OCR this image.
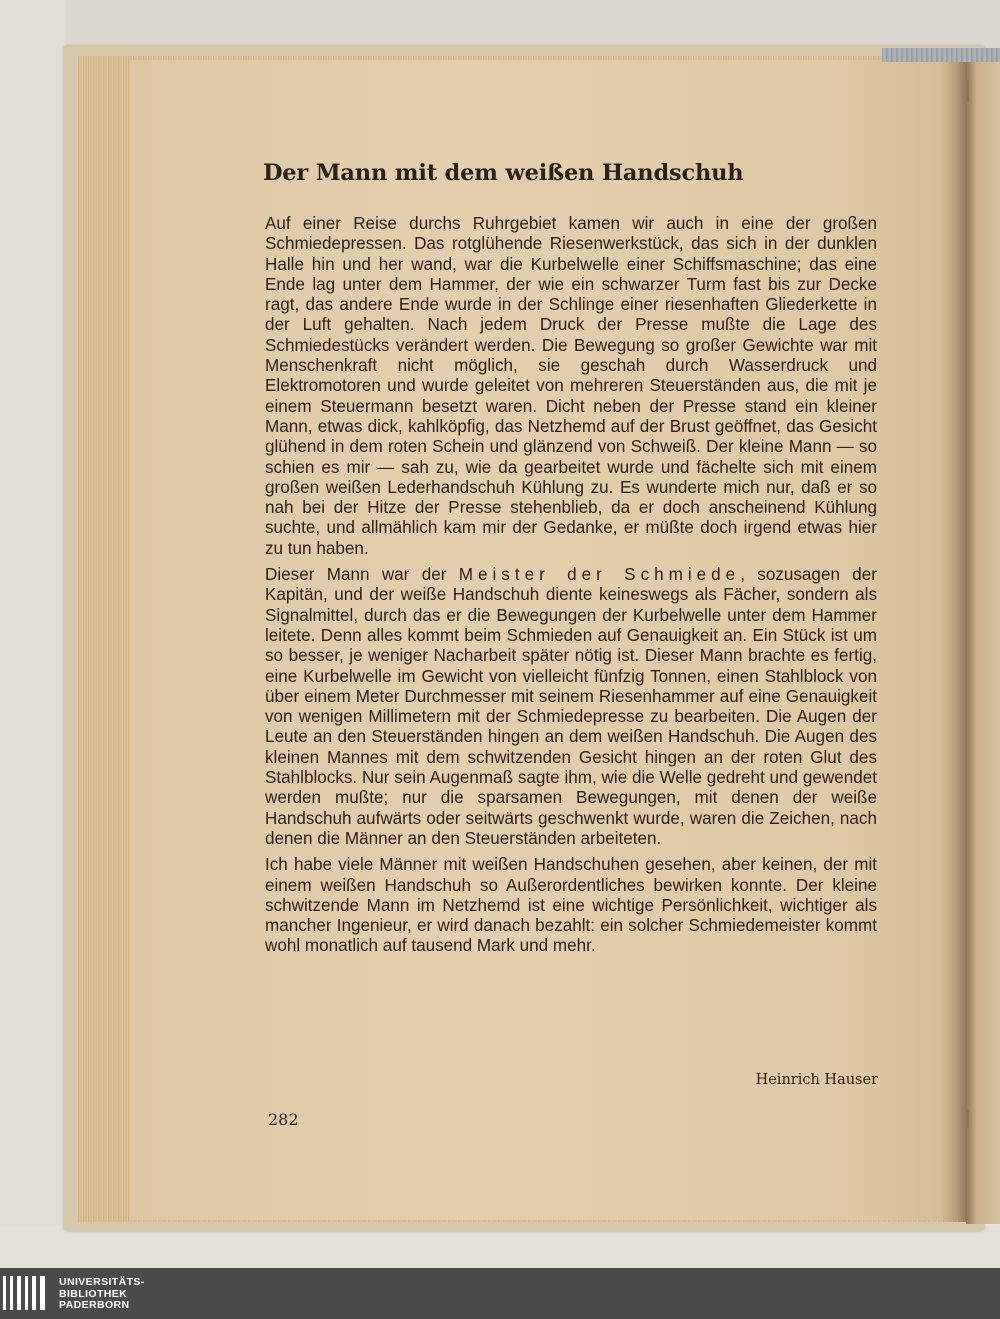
Der Mann mit dem weißen Handschuh

Auf einer Reise durchs Ruhrgebiet kamen wir auch in eine der großen Schmiedepressen. Das rotglühende Riesenwerkstück, das sich in der dunklen Halle hin und her wand, war die Kurbelwelle einer Schiffsmaschine; das eine Ende lag unter dem Hammer, der wie ein schwarzer Turm fast bis zur Decke ragt, das andere Ende wurde in der Schlinge einer riesenhaften Gliederkette in der Luft gehalten. Nach jedem Druck der Presse mußte die Lage des Schmiedestücks verändert werden. Die Bewegung so großer Gewichte war mit Menschenkraft nicht möglich, sie geschah durch Wasserdruck und Elektromotoren und wurde geleitet von mehreren Steuerständen aus, die mit je einem Steuermann besetzt waren. Dicht neben der Presse stand ein kleiner Mann, etwas dick, kahlköpfig, das Netzhemd auf der Brust geöffnet, das Gesicht glühend in dem roten Schein und glänzend von Schweiß. Der kleine Mann — so schien es mir — sah zu, wie da gearbeitet wurde und fächelte sich mit einem großen weißen Lederhandschuh Kühlung zu. Es wunderte mich nur, daß er so nah bei der Hitze der Presse stehenblieb, da er doch anscheinend Kühlung suchte, und allmählich kam mir der Gedanke, er müßte doch irgend etwas hier zu tun haben.

Dieser Mann war der Meister der Schmiede, sozusagen der Kapitän, und der weiße Handschuh diente keineswegs als Fächer, sondern als Signalmittel, durch das er die Bewegungen der Kurbelwelle unter dem Hammer leitete. Denn alles kommt beim Schmieden auf Genauigkeit an. Ein Stück ist um so besser, je weniger Nacharbeit später nötig ist. Dieser Mann brachte es fertig, eine Kurbelwelle im Gewicht von vielleicht fünfzig Tonnen, einen Stahlblock von über einem Meter Durchmesser mit seinem Riesenhammer auf eine Genauigkeit von wenigen Millimetern mit der Schmiedepresse zu bearbeiten. Die Augen der Leute an den Steuerständen hingen an dem weißen Handschuh. Die Augen des kleinen Mannes mit dem schwitzenden Gesicht hingen an der roten Glut des Stahlblocks. Nur sein Augenmaß sagte ihm, wie die Welle gedreht und gewendet werden mußte; nur die sparsamen Bewegungen, mit denen der weiße Handschuh aufwärts oder seitwärts geschwenkt wurde, waren die Zeichen, nach denen die Männer an den Steuerständen arbeiteten.

Ich habe viele Männer mit weißen Handschuhen gesehen, aber keinen, der mit einem weißen Handschuh so Außerordentliches bewirken konnte. Der kleine schwitzende Mann im Netzhemd ist eine wichtige Persönlichkeit, wichtiger als mancher Ingenieur, er wird danach bezahlt: ein solcher Schmiedemeister kommt wohl monatlich auf tausend Mark und mehr.

Heinrich Hauser
282
UNIVERSITÄTS-
BIBLIOTHEK
PADERBORN
